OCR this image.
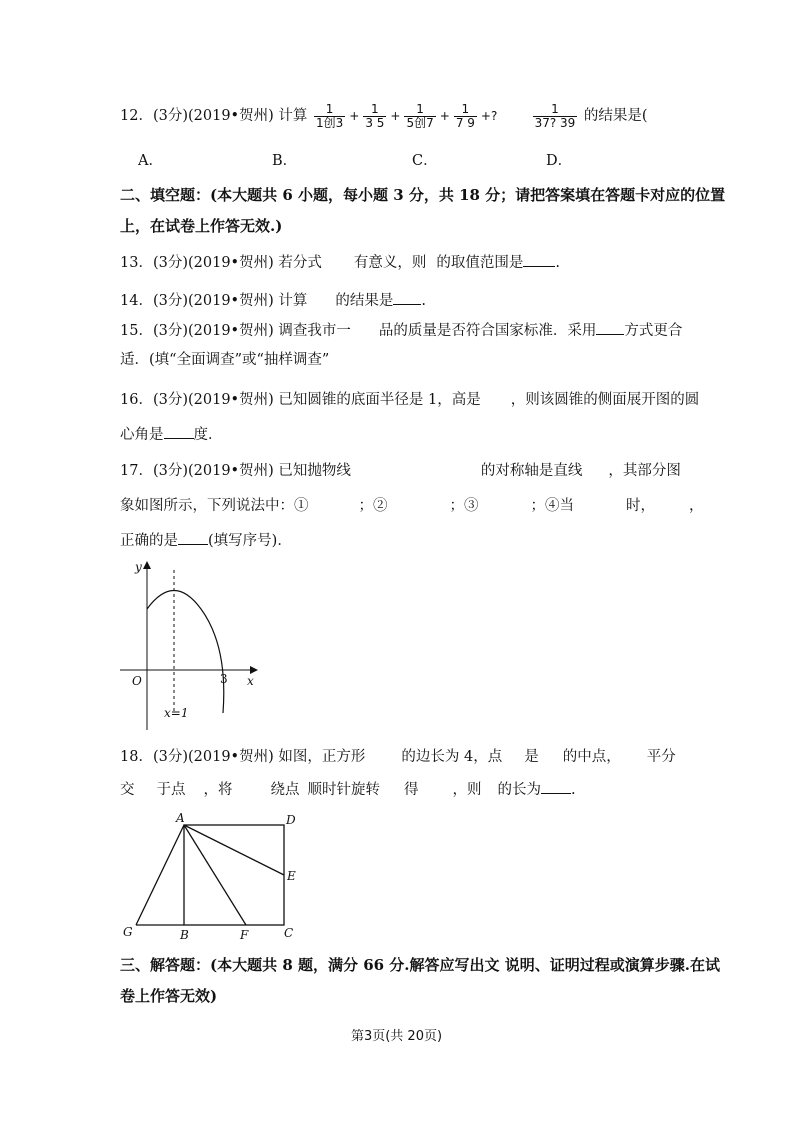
12．(3分)(2019•贺州) 计算 $\frac{1}{\text{1创3}} + \frac{1}{3 5} + \frac{1}{\text{5创7}} + \frac{1}{7 9}$ +?	$\frac{1}{37? 39}$ 的结果是(
A．	B．	C．	D．
二、填空题：(本大题共 6 小题，每小题 3 分，共 18 分；请把答案填在答题卡对应的位置
上，在试卷上作答无效.)
13．(3分)(2019•贺州) 若分式 有意义，则 的取值范围是 .
14．(3分)(2019•贺州) 计算 的结果是 .
15．(3分)(2019•贺州) 调查我市一 品的质量是否符合国家标准．采用 方式更合
适．(填“全面调查”或“抽样调查”
16．(3分)(2019•贺州) 已知圆锥的底面半径是 1，高是 ，则该圆锥的侧面展开图的圆
心角是 度．
17．(3分)(2019•贺州) 已知抛物线	的对称轴是直线 ，其部分图
象如图所示，下列说法中：①	；②	；③	；④当	时， ，
正确的是 (填写序号)．
y
x
O	3
x=1
18．(3分)(2019•贺州) 如图，正方形 的边长为 4，点 是 的中点， 平分
交 于点 ，将	绕点 顺时针旋转 得 ，则 的长为 .
A	D
E
G	B	F	C
三、解答题：(本大题共 8 题，满分 66 分.解答应写出文 说明、证明过程或演算步骤.在试
卷上作答无效)
第3页(共 20页)
